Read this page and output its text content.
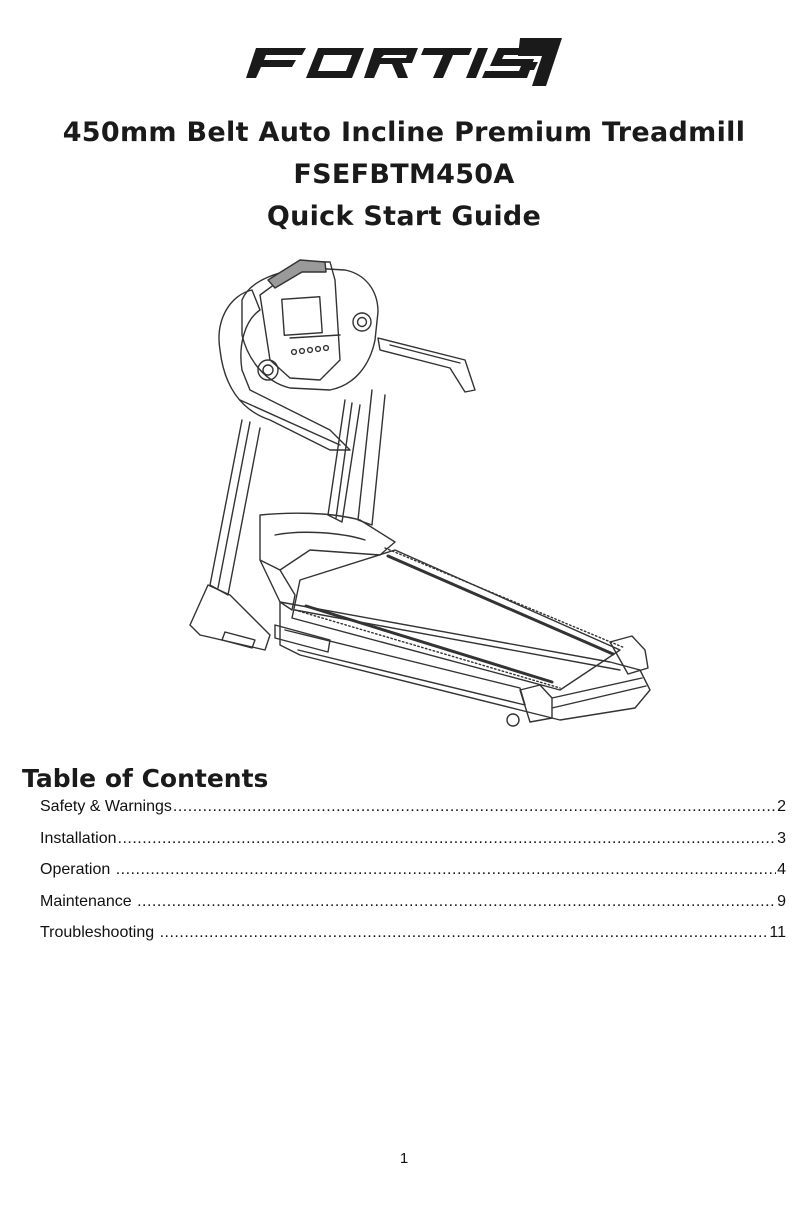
450mm Belt Auto Incline Premium Treadmill
FSEFBTM450A
Quick Start Guide
Table of Contents
Safety & Warnings .....	2
Installation .....	3
Operation .....	4
Maintenance .....	9
Troubleshooting .....	11
1
